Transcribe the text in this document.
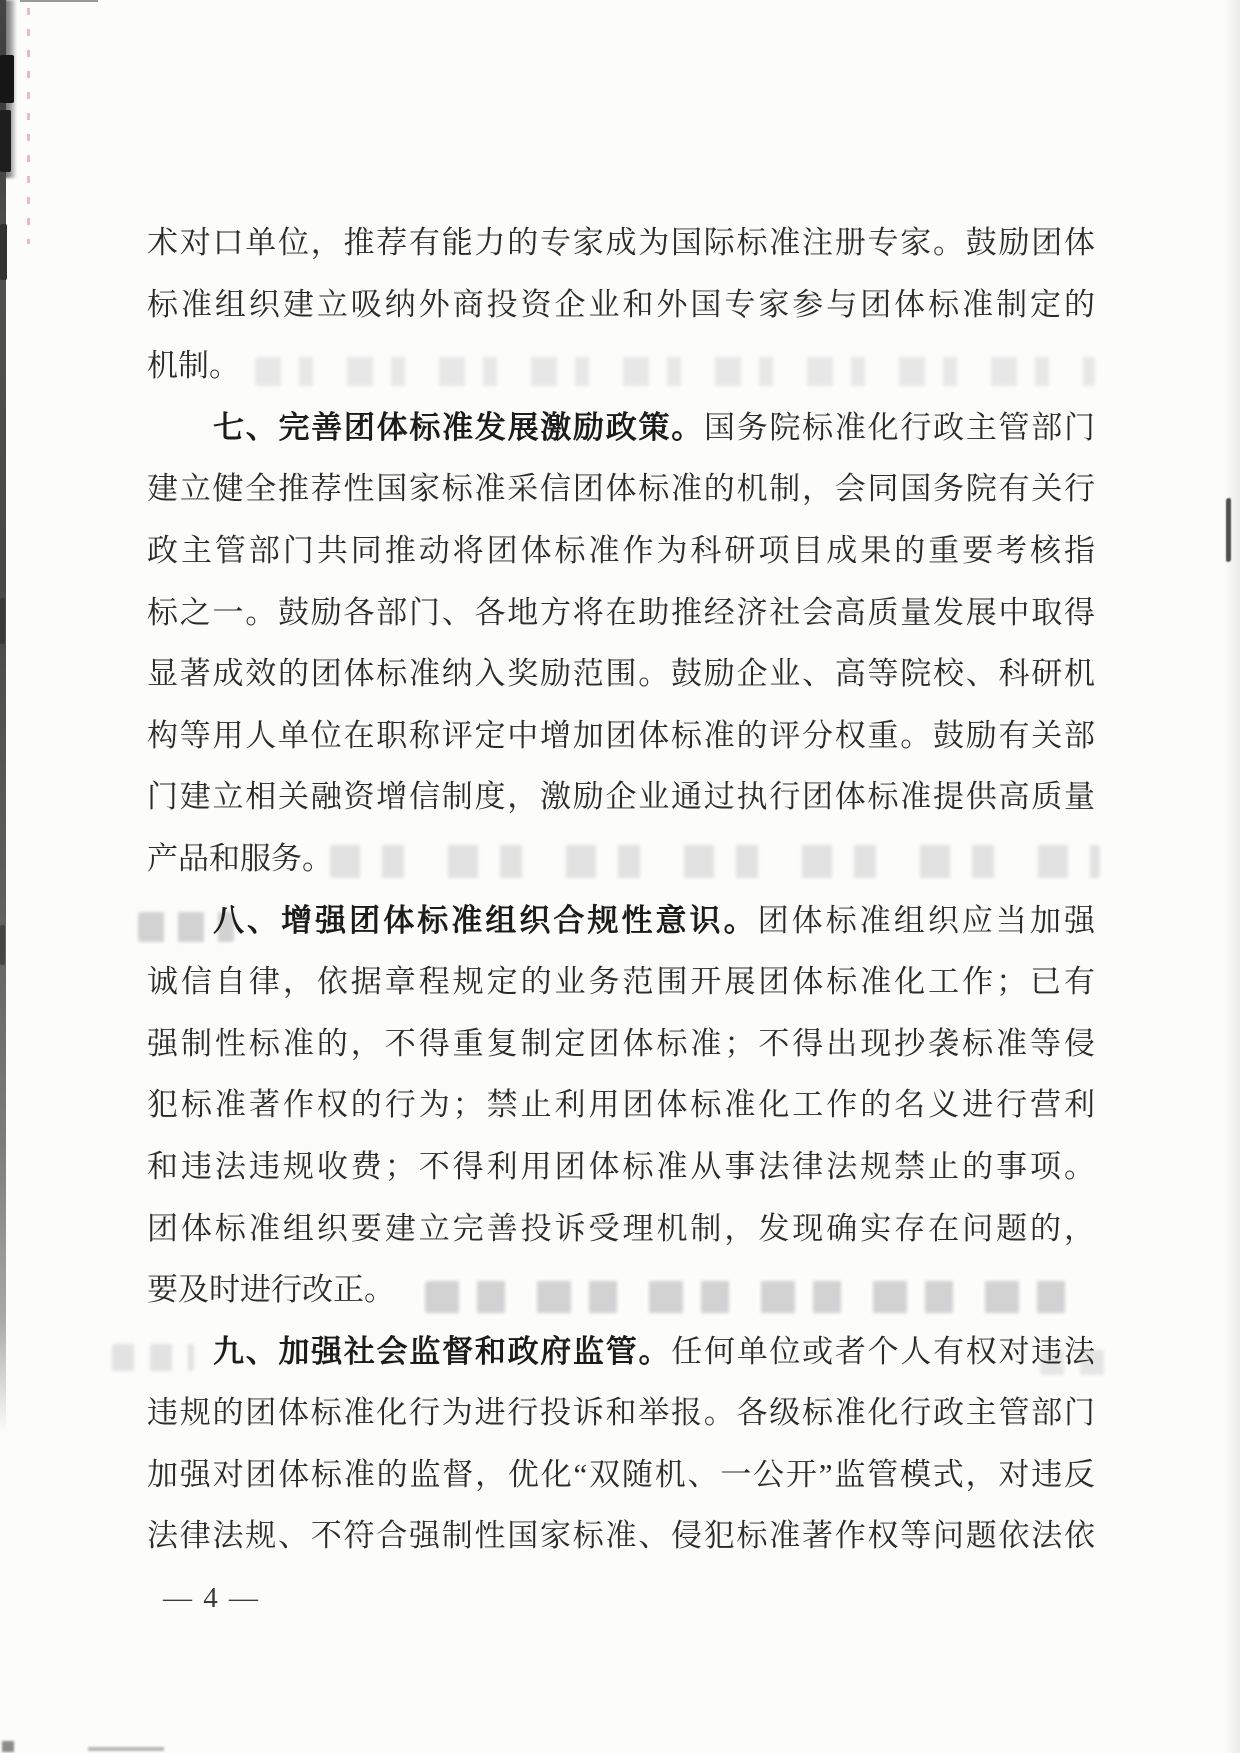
术对口单位，推荐有能力的专家成为国际标准注册专家。鼓励团体
标准组织建立吸纳外商投资企业和外国专家参与团体标准制定的
机制。
七、完善团体标准发展激励政策。国务院标准化行政主管部门
建立健全推荐性国家标准采信团体标准的机制，会同国务院有关行
政主管部门共同推动将团体标准作为科研项目成果的重要考核指
标之一。鼓励各部门、各地方将在助推经济社会高质量发展中取得
显著成效的团体标准纳入奖励范围。鼓励企业、高等院校、科研机
构等用人单位在职称评定中增加团体标准的评分权重。鼓励有关部
门建立相关融资增信制度，激励企业通过执行团体标准提供高质量
产品和服务。
八、增强团体标准组织合规性意识。团体标准组织应当加强
诚信自律，依据章程规定的业务范围开展团体标准化工作；已有
强制性标准的，不得重复制定团体标准；不得出现抄袭标准等侵
犯标准著作权的行为；禁止利用团体标准化工作的名义进行营利
和违法违规收费；不得利用团体标准从事法律法规禁止的事项。
团体标准组织要建立完善投诉受理机制，发现确实存在问题的，
要及时进行改正。
九、加强社会监督和政府监管。任何单位或者个人有权对违法
违规的团体标准化行为进行投诉和举报。各级标准化行政主管部门
加强对团体标准的监督，优化“双随机、一公开”监管模式，对违反
法律法规、不符合强制性国家标准、侵犯标准著作权等问题依法依
— 4 —
